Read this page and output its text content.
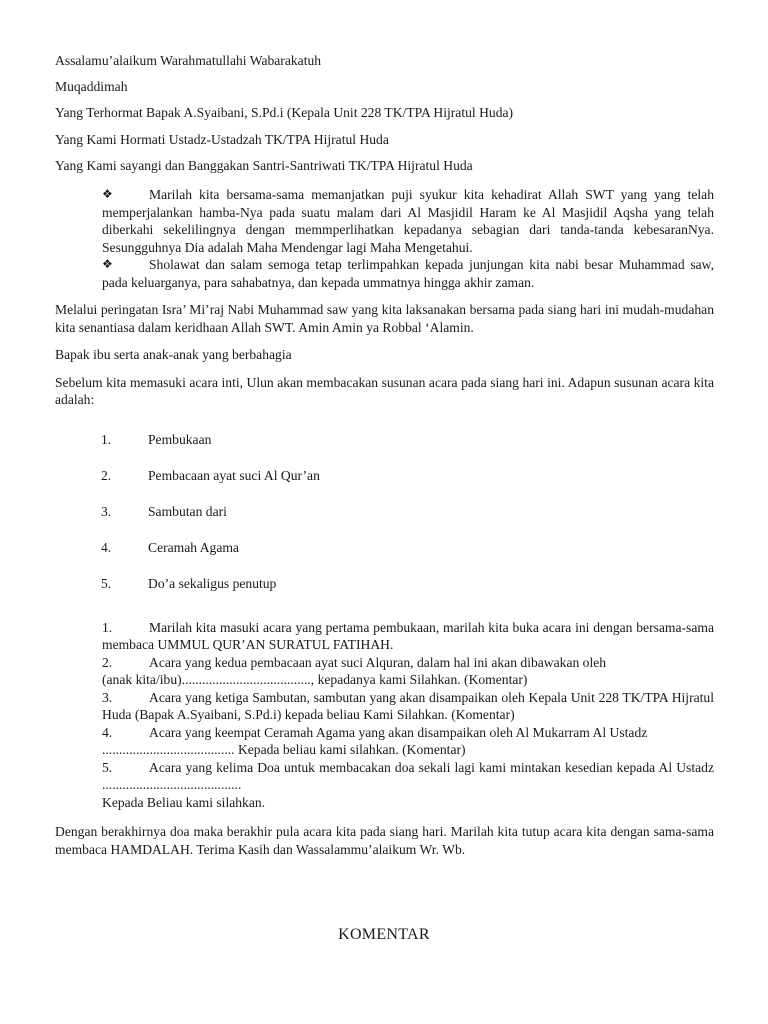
Assalamu’alaikum Warahmatullahi Wabarakatuh

Muqaddimah

Yang Terhormat Bapak A.Syaibani, S.Pd.i (Kepala Unit 228 TK/TPA Hijratul Huda)

Yang Kami Hormati Ustadz-Ustadzah TK/TPA Hijratul Huda

Yang Kami sayangi dan Banggakan Santri-Santriwati TK/TPA Hijratul Huda

❖	Marilah kita bersama-sama memanjatkan puji syukur kita kehadirat Allah SWT yang yang telah memperjalankan hamba-Nya pada suatu malam dari Al Masjidil Haram ke Al Masjidil Aqsha yang telah diberkahi sekelilingnya dengan memmperlihatkan kepadanya sebagian dari tanda-tanda kebesaranNya. Sesungguhnya Dia adalah Maha Mendengar lagi Maha Mengetahui.
❖	Sholawat dan salam semoga tetap terlimpahkan kepada junjungan kita nabi besar Muhammad saw, pada keluarganya, para sahabatnya, dan kepada ummatnya hingga akhir zaman.

Melalui peringatan Isra’ Mi’raj Nabi Muhammad saw yang kita laksanakan bersama pada siang hari ini mudah-mudahan kita senantiasa dalam keridhaan Allah SWT. Amin Amin ya Robbal ‘Alamin.

Bapak ibu serta anak-anak yang berbahagia

Sebelum kita memasuki acara inti, Ulun akan membacakan susunan acara pada siang hari ini. Adapun susunan acara kita adalah:

1.	Pembukaan
2.	Pembacaan ayat suci Al Qur’an
3.	Sambutan dari
4.	Ceramah Agama
5.	Do’a sekaligus penutup
1.	Marilah kita masuki acara yang pertama pembukaan, marilah kita buka acara ini dengan bersama-sama membaca UMMUL QUR’AN SURATUL FATIHAH.
2.	Acara yang kedua pembacaan ayat suci Alquran, dalam hal ini akan dibawakan oleh
(anak kita/ibu)......................................, kepadanya kami Silahkan. (Komentar)
3.	Acara yang ketiga Sambutan, sambutan yang akan disampaikan oleh Kepala Unit 228 TK/TPA Hijratul Huda (Bapak A.Syaibani, S.Pd.i) kepada beliau Kami Silahkan. (Komentar)
4.	Acara yang keempat Ceramah Agama yang akan disampaikan oleh Al Mukarram Al Ustadz
....................................... Kepada beliau kami silahkan. (Komentar)
5.	Acara yang kelima Doa untuk membacakan doa sekali lagi kami mintakan kesedian kepada Al Ustadz .........................................
Kepada Beliau kami silahkan.

Dengan berakhirnya doa maka berakhir pula acara kita pada siang hari. Marilah kita tutup acara kita dengan sama-sama membaca HAMDALAH. Terima Kasih dan Wassalammu’alaikum Wr. Wb.

KOMENTAR
